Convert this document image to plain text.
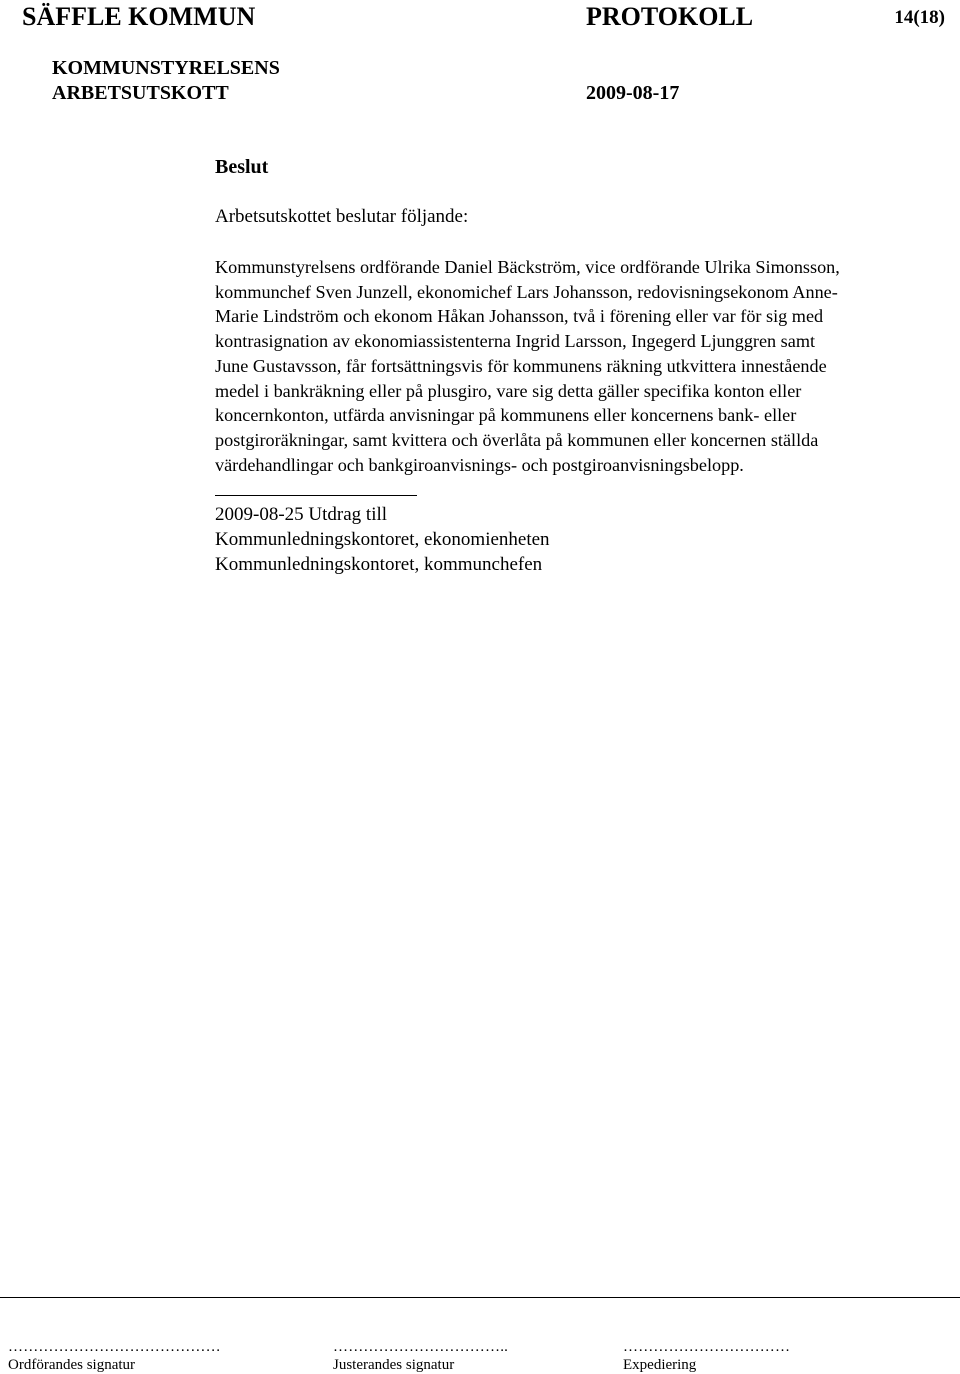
SÄFFLE KOMMUN	PROTOKOLL	14(18)
KOMMUNSTYRELSENS
ARBETSUTSKOTT	2009-08-17
Beslut
Arbetsutskottet beslutar följande:
Kommunstyrelsens ordförande Daniel Bäckström, vice ordförande Ulrika Simonsson,
kommunchef Sven Junzell, ekonomichef Lars Johansson, redovisningsekonom Anne-
Marie Lindström och ekonom Håkan Johansson, två i förening eller var för sig med
kontrasignation av ekonomiassistenterna Ingrid Larsson, Ingegerd Ljunggren samt
June Gustavsson, får fortsättningsvis för kommunens räkning utkvittera innestående
medel i bankräkning eller på plusgiro, vare sig detta gäller specifika konton eller
koncernkonton, utfärda anvisningar på kommunens eller koncernens bank- eller
postgiroräkningar, samt kvittera och överlåta på kommunen eller koncernen ställda
värdehandlingar och bankgiroanvisnings- och postgiroanvisningsbelopp.
2009-08-25 Utdrag till
Kommunledningskontoret, ekonomienheten
Kommunledningskontoret, kommunchefen
……………………………………	……………………………..	……………………………
Ordförandes signatur	Justerandes signatur	Expediering
